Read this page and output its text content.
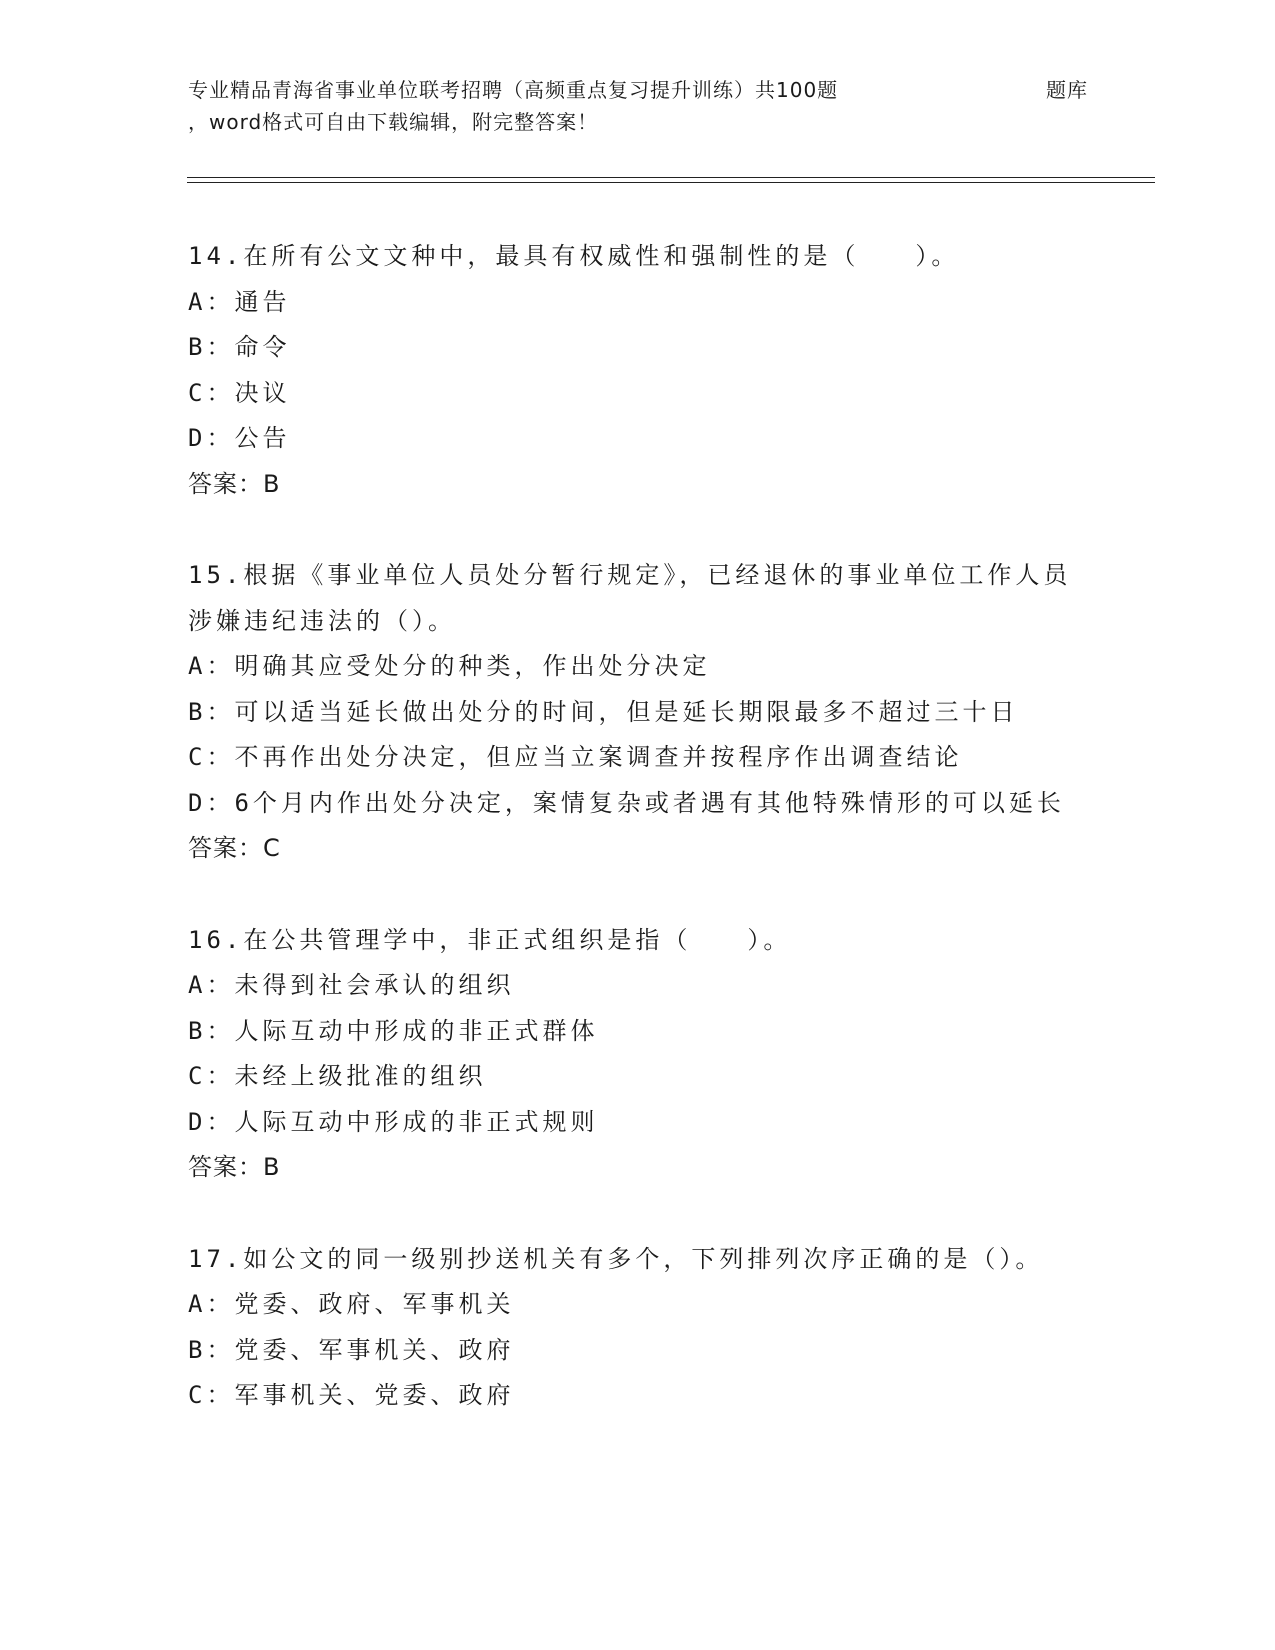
专业精品青海省事业单位联考招聘（高频重点复习提升训练）共100题	题库
，word格式可自由下载编辑，附完整答案！
14.在所有公文文种中，最具有权威性和强制性的是（　　）。
A：通告
B：命令
C：决议
D：公告
答案：B
15.根据《事业单位人员处分暂行规定》，已经退休的事业单位工作人员涉嫌违纪违法的（）。
A：明确其应受处分的种类，作出处分决定
B：可以适当延长做出处分的时间，但是延长期限最多不超过三十日
C：不再作出处分决定，但应当立案调查并按程序作出调查结论
D：6个月内作出处分决定，案情复杂或者遇有其他特殊情形的可以延长
答案：C
16.在公共管理学中，非正式组织是指（　　）。
A：未得到社会承认的组织
B：人际互动中形成的非正式群体
C：未经上级批准的组织
D：人际互动中形成的非正式规则
答案：B
17.如公文的同一级别抄送机关有多个，下列排列次序正确的是（）。
A：党委、政府、军事机关
B：党委、军事机关、政府
C：军事机关、党委、政府
